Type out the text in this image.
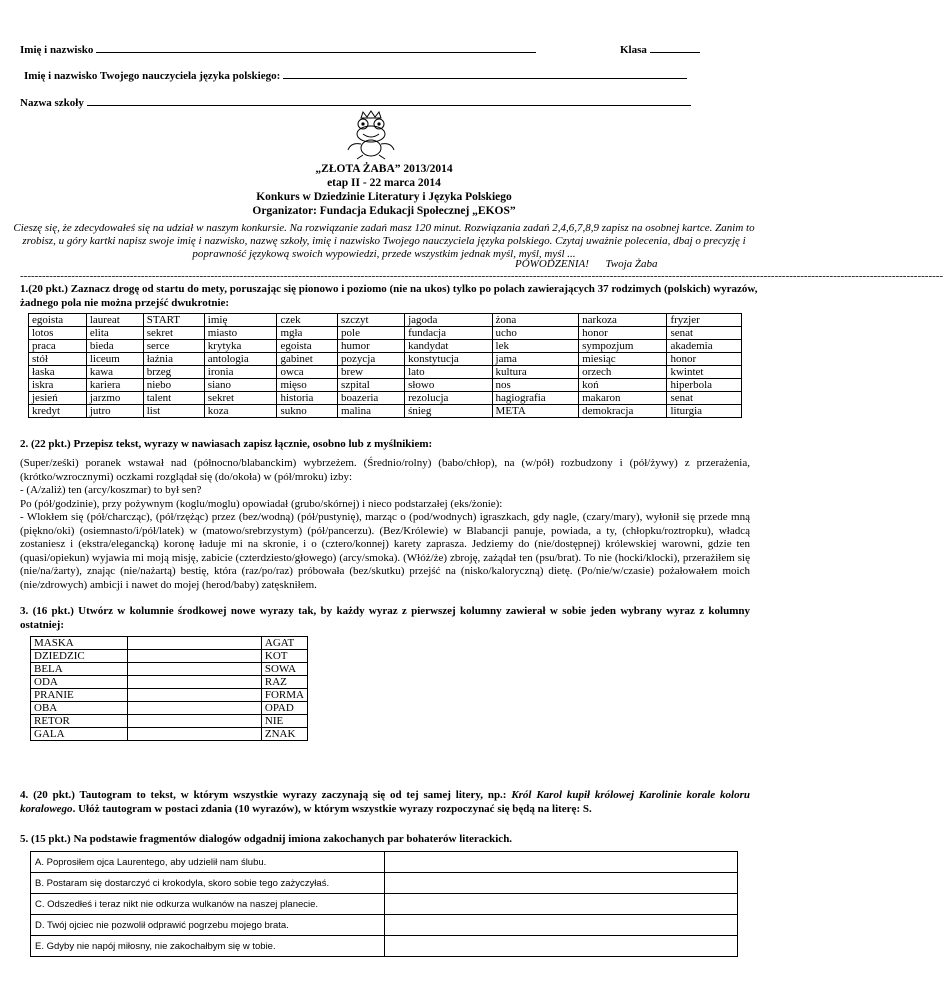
Imię i nazwisko	Klasa
Imię i nazwisko Twojego nauczyciela języka polskiego:
Nazwa szkoły
„ZŁOTA ŻABA” 2013/2014
etap II - 22 marca 2014
Konkurs w Dziedzinie Literatury i Języka Polskiego
Organizator: Fundacja Edukacji Społecznej „EKOS”
Cieszę się, że zdecydowałeś się na udział w naszym konkursie. Na rozwiązanie zadań masz 120 minut. Rozwiązania zadań 2,4,6,7,8,9 zapisz na osobnej kartce. Zanim to zrobisz, u góry kartki napisz swoje imię i nazwisko, nazwę szkoły, imię i nazwisko Twojego nauczyciela języka polskiego. Czytaj uważnie polecenia, dbaj o precyzję i poprawność językową swoich wypowiedzi, przede wszystkim jednak myśl, myśl, myśl ...
POWODZENIA! Twoja Żaba
------------------------------------------------------------------------------------------------------------------------------------------------------------------------------------------------------------------------------------------------------------
1.(20 pkt.) Zaznacz drogę od startu do mety, poruszając się pionowo i poziomo (nie na ukos) tylko po polach zawierających 37 rodzimych (polskich) wyrazów, żadnego pola nie można przejść dwukrotnie:
egoista	laureat	START	imię	czek	szczyt	jagoda	żona	narkoza	fryzjer
lotos	elita	sekret	miasto	mgła	pole	fundacja	ucho	honor	senat
praca	bieda	serce	krytyka	egoista	humor	kandydat	lek	sympozjum	akademia
stół	liceum	łaźnia	antologia	gabinet	pozycja	konstytucja	jama	miesiąc	honor
łaska	kawa	brzeg	ironia	owca	brew	lato	kultura	orzech	kwintet
iskra	kariera	niebo	siano	mięso	szpital	słowo	nos	koń	hiperbola
jesień	jarzmo	talent	sekret	historia	boazeria	rezolucja	hagiografia	makaron	senat
kredyt	jutro	list	koza	sukno	malina	śnieg	META	demokracja	liturgia
2. (22 pkt.) Przepisz tekst, wyrazy w nawiasach zapisz łącznie, osobno lub z myślnikiem:
(Super/ześki) poranek wstawał nad (północno/blabanckim) wybrzeżem. (Średnio/rolny) (babo/chłop), na (w/pół) rozbudzony i (pół/żywy) z przerażenia, (krótko/wzrocznymi) oczkami rozglądał się (do/okoła) w (pół/mroku) izby:
- (A/zaliż) ten (arcy/koszmar) to był sen?
Po (pół/godzinie), przy pożywnym (koglu/moglu) opowiadał (grubo/skórnej) i nieco podstarzałej (eks/żonie):
- Wlokłem się (pół/charcząc), (pół/rzężąc) przez (bez/wodną) (pół/pustynię), marząc o (pod/wodnych) igraszkach, gdy nagle, (czary/mary), wyłonił się przede mną (piękno/oki) (osiemnasto/i/pół/latek) w (matowo/srebrzystym) (pół/pancerzu). (Bez/Królewie) w Blabancji panuje, powiada, a ty, (chłopku/roztropku), władcą zostaniesz i (ekstra/elegancką) koronę ładuje mi na skronie, i o (cztero/konnej) karety zaprasza. Jedziemy do (nie/dostępnej) królewskiej warowni, gdzie ten (quasi/opiekun) wyjawia mi moją misję, zabicie (czterdziesto/głowego) (arcy/smoka). (Włóż/że) zbroję, zażądał ten (psu/brat). To nie (hocki/klocki), przerażiłem się (nie/na/żarty), znając (nie/nażartą) bestię, która (raz/po/raz) próbowała (bez/skutku) przejść na (nisko/kaloryczną) dietę. (Po/nie/w/czasie) pożałowałem moich (nie/zdrowych) ambicji i nawet do mojej (herod/baby) zatęskniłem.
3. (16 pkt.) Utwórz w kolumnie środkowej nowe wyrazy tak, by każdy wyraz z pierwszej kolumny zawierał w sobie jeden wybrany wyraz z kolumny ostatniej:
MASKA		AGAT
DZIEDZIC		KOT
BELA		SOWA
ODA		RAZ
PRANIE		FORMA
OBA		OPAD
RETOR		NIE
GALA		ZNAK
4. (20 pkt.) Tautogram to tekst, w którym wszystkie wyrazy zaczynają się od tej samej litery, np.: Król Karol kupił królowej Karolinie korale koloru koralowego. Ułóż tautogram w postaci zdania (10 wyrazów), w którym wszystkie wyrazy rozpoczynać się będą na literę: S.
5. (15 pkt.) Na podstawie fragmentów dialogów odgadnij imiona zakochanych par bohaterów literackich.
A. Poprosiłem ojca Laurentego, aby udzielił nam ślubu.	
B. Postaram się dostarczyć ci krokodyla, skoro sobie tego zażyczyłaś.	
C. Odszedłeś i teraz nikt nie odkurza wulkanów na naszej planecie.	
D. Twój ojciec nie pozwolił odprawić pogrzebu mojego brata.	
E. Gdyby nie napój miłosny, nie zakochałbym się w tobie.	
